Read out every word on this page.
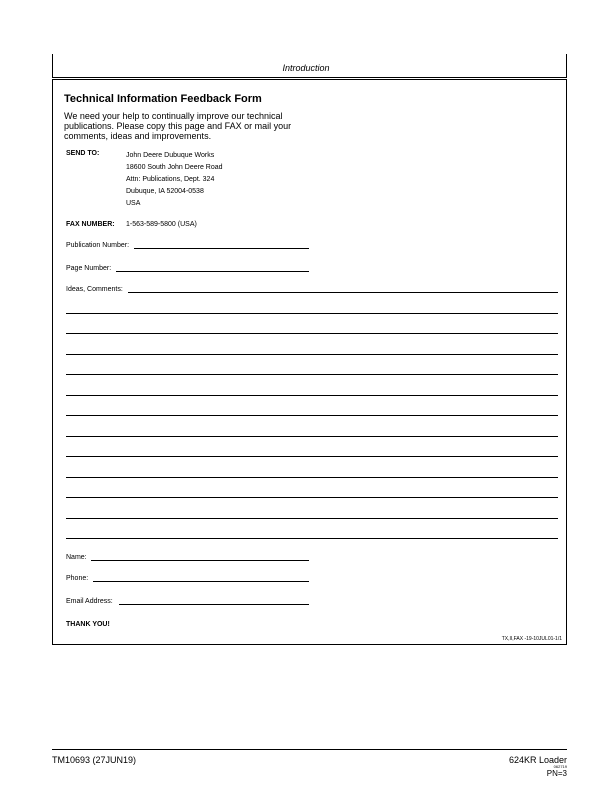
Introduction
Technical Information Feedback Form
We need your help to continually improve our technical
publications. Please copy this page and FAX or mail your
comments, ideas and improvements.
SEND TO:	John Deere Dubuque Works
18600 South John Deere Road
Attn: Publications, Dept. 324
Dubuque, IA 52004-0538
USA
FAX NUMBER: 1-563-589-5800 (USA)
Publication Number:
Page Number:
Ideas, Comments:
Name:
Phone:
Email Address:
THANK YOU!
TX,II,FAX -19-10JUL01-1/1
TM10693 (27JUN19)	624KR Loader
062719
PN=3
